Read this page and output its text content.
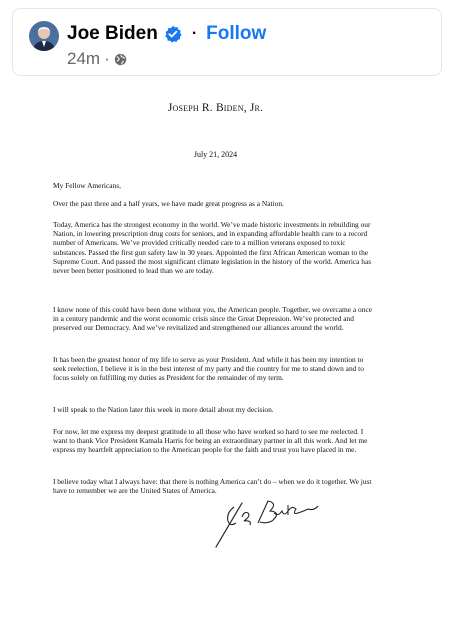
Joe Biden · Follow
24m ·
Joseph R. Biden, Jr.
July 21, 2024
My Fellow Americans,

Over the past three and a half years, we have made great progress as a Nation.

Today, America has the strongest economy in the world. We’ve made historic investments in rebuilding our Nation, in lowering prescription drug costs for seniors, and in expanding affordable health care to a record number of Americans. We’ve provided critically needed care to a million veterans exposed to toxic substances. Passed the first gun safety law in 30 years. Appointed the first African American woman to the Supreme Court. And passed the most significant climate legislation in the history of the world. America has never been better positioned to lead than we are today.

I know none of this could have been done without you, the American people. Together, we overcame a once in a century pandemic and the worst economic crisis since the Great Depression. We’ve protected and preserved our Democracy. And we’ve revitalized and strengthened our alliances around the world.

It has been the greatest honor of my life to serve as your President. And while it has been my intention to seek reelection, I believe it is in the best interest of my party and the country for me to stand down and to focus solely on fulfilling my duties as President for the remainder of my term.

I will speak to the Nation later this week in more detail about my decision.

For now, let me express my deepest gratitude to all those who have worked so hard to see me reelected. I want to thank Vice President Kamala Harris for being an extraordinary partner in all this work. And let me express my heartfelt appreciation to the American people for the faith and trust you have placed in me.

I believe today what I always have: that there is nothing America can’t do – when we do it together. We just have to remember we are the United States of America.
